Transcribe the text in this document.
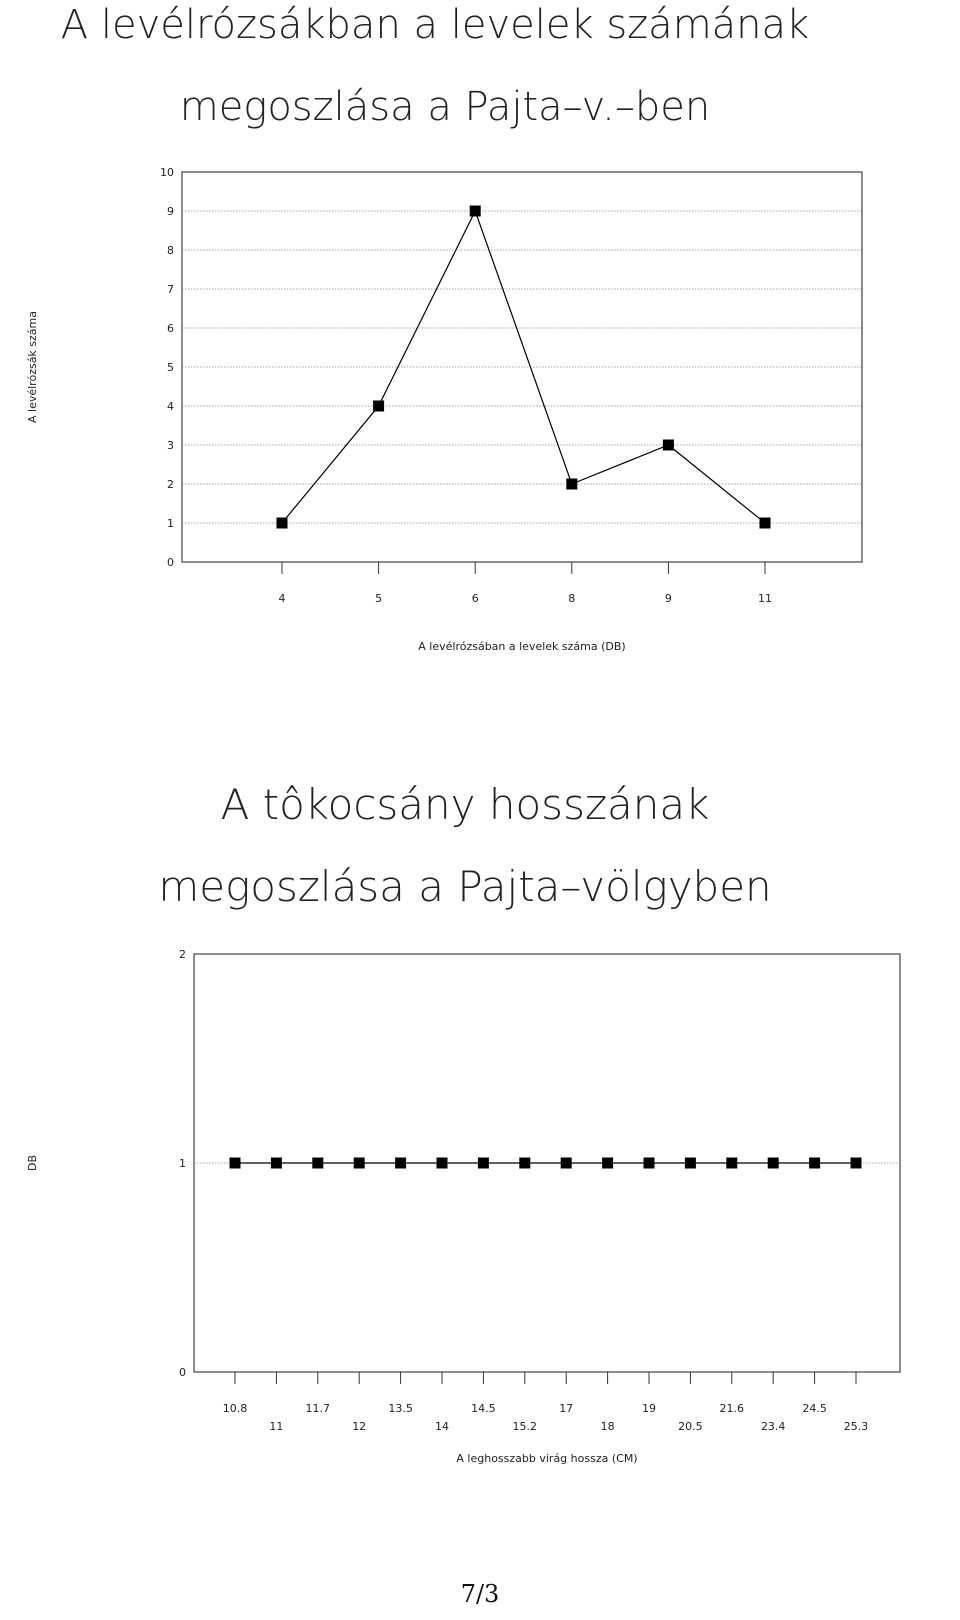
A levélrózsákban a levelek számának
megoszlása a Pajta–v.–ben
0
1
2
3
4
5
6
7
8
9
10
4	5	6	8	9	11
A levélrózsában a levelek száma (DB)
A levélrózsák száma
A tôkocsány hosszának
megoszlása a Pajta–völgyben
0
1
2
10.8
11
11.7
12
13.5
14
14.5
15.2
17
18
19
20.5
21.6
23.4
24.5
25.3
A leghosszabb virág hossza (CM)
DB
7/3
